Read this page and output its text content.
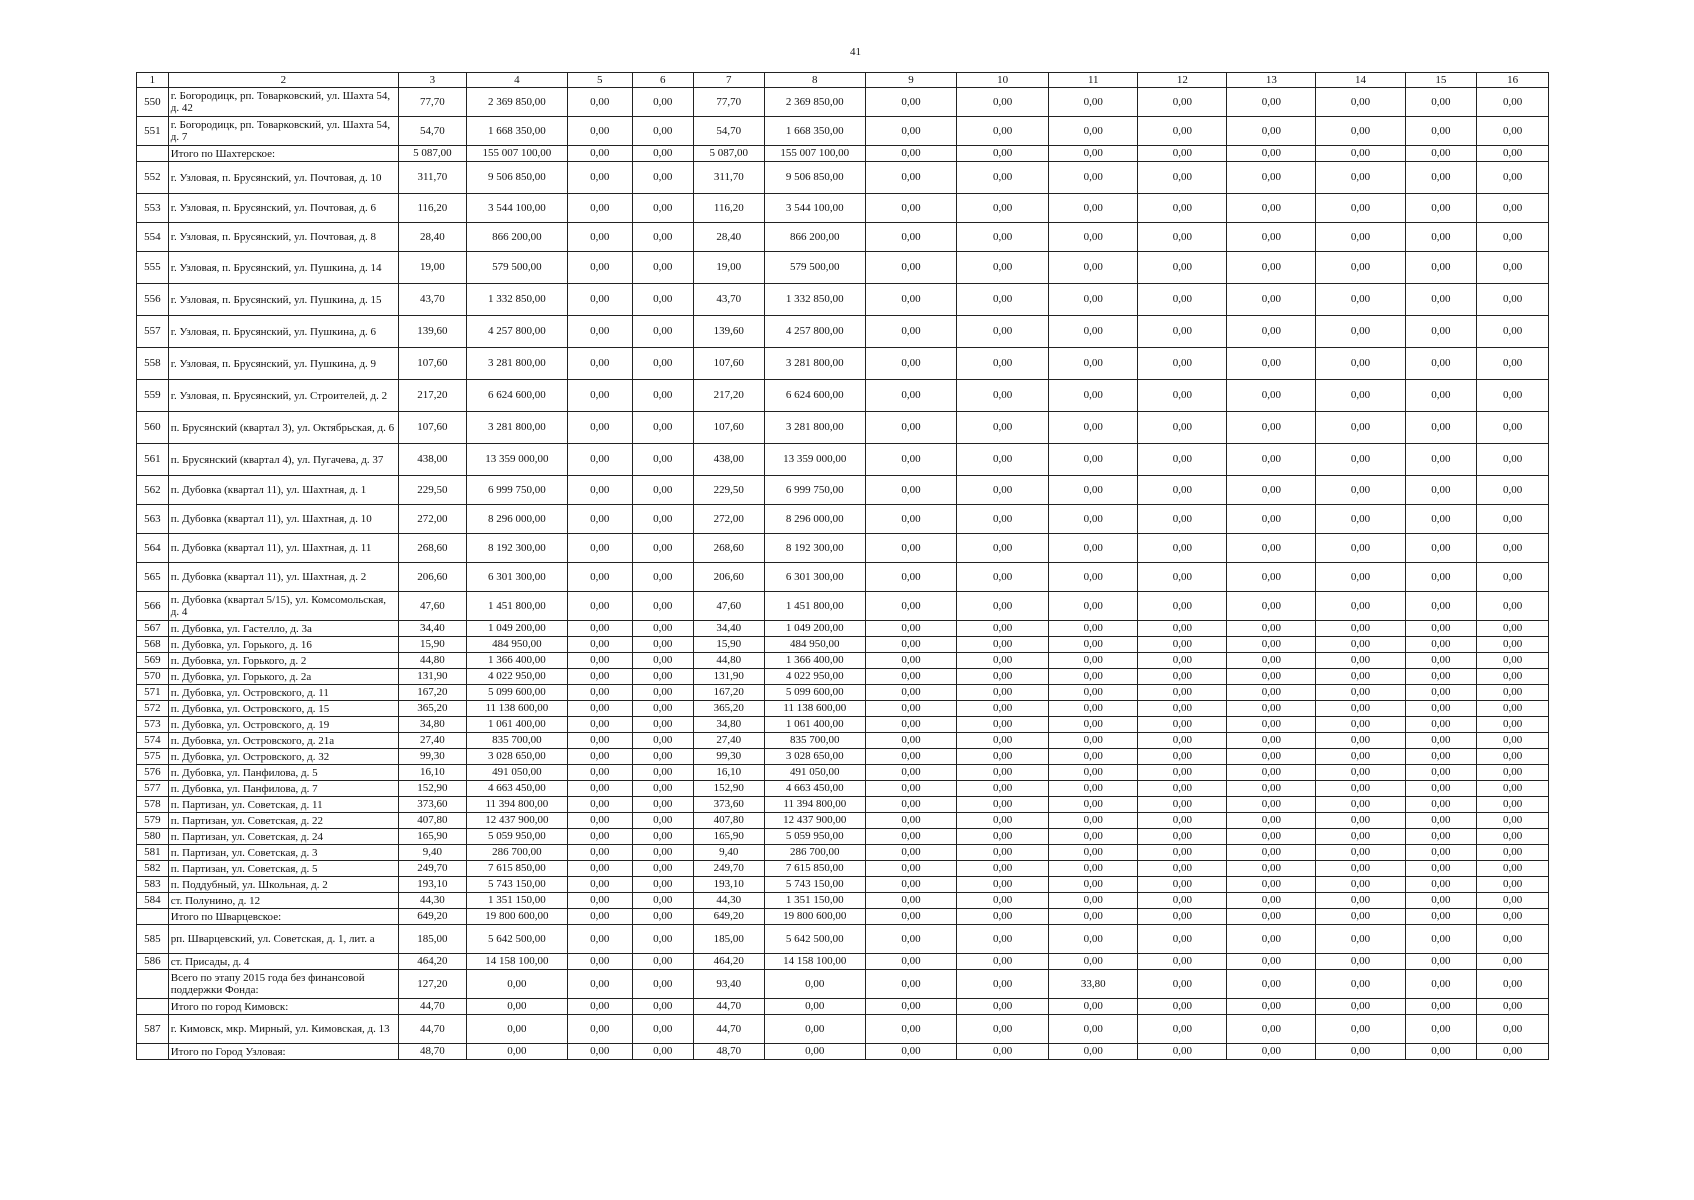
41
1	2	3	4	5	6	7	8	9	10	11	12	13	14	15	16
550	г. Богородицк, рп. Товарковский, ул. Шахта 54, д. 42	77,70	2 369 850,00	0,00	0,00	77,70	2 369 850,00	0,00	0,00	0,00	0,00	0,00	0,00	0,00	0,00
551	г. Богородицк, рп. Товарковский, ул. Шахта 54, д. 7	54,70	1 668 350,00	0,00	0,00	54,70	1 668 350,00	0,00	0,00	0,00	0,00	0,00	0,00	0,00	0,00
	Итого по Шахтерское:	5 087,00	155 007 100,00	0,00	0,00	5 087,00	155 007 100,00	0,00	0,00	0,00	0,00	0,00	0,00	0,00	0,00
552	г. Узловая, п. Брусянский, ул. Почтовая, д. 10	311,70	9 506 850,00	0,00	0,00	311,70	9 506 850,00	0,00	0,00	0,00	0,00	0,00	0,00	0,00	0,00
553	г. Узловая, п. Брусянский, ул. Почтовая, д. 6	116,20	3 544 100,00	0,00	0,00	116,20	3 544 100,00	0,00	0,00	0,00	0,00	0,00	0,00	0,00	0,00
554	г. Узловая, п. Брусянский, ул. Почтовая, д. 8	28,40	866 200,00	0,00	0,00	28,40	866 200,00	0,00	0,00	0,00	0,00	0,00	0,00	0,00	0,00
555	г. Узловая, п. Брусянский, ул. Пушкина, д. 14	19,00	579 500,00	0,00	0,00	19,00	579 500,00	0,00	0,00	0,00	0,00	0,00	0,00	0,00	0,00
556	г. Узловая, п. Брусянский, ул. Пушкина, д. 15	43,70	1 332 850,00	0,00	0,00	43,70	1 332 850,00	0,00	0,00	0,00	0,00	0,00	0,00	0,00	0,00
557	г. Узловая, п. Брусянский, ул. Пушкина, д. 6	139,60	4 257 800,00	0,00	0,00	139,60	4 257 800,00	0,00	0,00	0,00	0,00	0,00	0,00	0,00	0,00
558	г. Узловая, п. Брусянский, ул. Пушкина, д. 9	107,60	3 281 800,00	0,00	0,00	107,60	3 281 800,00	0,00	0,00	0,00	0,00	0,00	0,00	0,00	0,00
559	г. Узловая, п. Брусянский, ул. Строителей, д. 2	217,20	6 624 600,00	0,00	0,00	217,20	6 624 600,00	0,00	0,00	0,00	0,00	0,00	0,00	0,00	0,00
560	п. Брусянский (квартал 3), ул. Октябрьская, д. 6	107,60	3 281 800,00	0,00	0,00	107,60	3 281 800,00	0,00	0,00	0,00	0,00	0,00	0,00	0,00	0,00
561	п. Брусянский (квартал 4), ул. Пугачева, д. 37	438,00	13 359 000,00	0,00	0,00	438,00	13 359 000,00	0,00	0,00	0,00	0,00	0,00	0,00	0,00	0,00
562	п. Дубовка (квартал 11), ул. Шахтная, д. 1	229,50	6 999 750,00	0,00	0,00	229,50	6 999 750,00	0,00	0,00	0,00	0,00	0,00	0,00	0,00	0,00
563	п. Дубовка (квартал 11), ул. Шахтная, д. 10	272,00	8 296 000,00	0,00	0,00	272,00	8 296 000,00	0,00	0,00	0,00	0,00	0,00	0,00	0,00	0,00
564	п. Дубовка (квартал 11), ул. Шахтная, д. 11	268,60	8 192 300,00	0,00	0,00	268,60	8 192 300,00	0,00	0,00	0,00	0,00	0,00	0,00	0,00	0,00
565	п. Дубовка (квартал 11), ул. Шахтная, д. 2	206,60	6 301 300,00	0,00	0,00	206,60	6 301 300,00	0,00	0,00	0,00	0,00	0,00	0,00	0,00	0,00
566	п. Дубовка (квартал 5/15), ул. Комсомольская, д. 4	47,60	1 451 800,00	0,00	0,00	47,60	1 451 800,00	0,00	0,00	0,00	0,00	0,00	0,00	0,00	0,00
567	п. Дубовка, ул. Гастелло, д. 3а	34,40	1 049 200,00	0,00	0,00	34,40	1 049 200,00	0,00	0,00	0,00	0,00	0,00	0,00	0,00	0,00
568	п. Дубовка, ул. Горького, д. 16	15,90	484 950,00	0,00	0,00	15,90	484 950,00	0,00	0,00	0,00	0,00	0,00	0,00	0,00	0,00
569	п. Дубовка, ул. Горького, д. 2	44,80	1 366 400,00	0,00	0,00	44,80	1 366 400,00	0,00	0,00	0,00	0,00	0,00	0,00	0,00	0,00
570	п. Дубовка, ул. Горького, д. 2а	131,90	4 022 950,00	0,00	0,00	131,90	4 022 950,00	0,00	0,00	0,00	0,00	0,00	0,00	0,00	0,00
571	п. Дубовка, ул. Островского, д. 11	167,20	5 099 600,00	0,00	0,00	167,20	5 099 600,00	0,00	0,00	0,00	0,00	0,00	0,00	0,00	0,00
572	п. Дубовка, ул. Островского, д. 15	365,20	11 138 600,00	0,00	0,00	365,20	11 138 600,00	0,00	0,00	0,00	0,00	0,00	0,00	0,00	0,00
573	п. Дубовка, ул. Островского, д. 19	34,80	1 061 400,00	0,00	0,00	34,80	1 061 400,00	0,00	0,00	0,00	0,00	0,00	0,00	0,00	0,00
574	п. Дубовка, ул. Островского, д. 21а	27,40	835 700,00	0,00	0,00	27,40	835 700,00	0,00	0,00	0,00	0,00	0,00	0,00	0,00	0,00
575	п. Дубовка, ул. Островского, д. 32	99,30	3 028 650,00	0,00	0,00	99,30	3 028 650,00	0,00	0,00	0,00	0,00	0,00	0,00	0,00	0,00
576	п. Дубовка, ул. Панфилова, д. 5	16,10	491 050,00	0,00	0,00	16,10	491 050,00	0,00	0,00	0,00	0,00	0,00	0,00	0,00	0,00
577	п. Дубовка, ул. Панфилова, д. 7	152,90	4 663 450,00	0,00	0,00	152,90	4 663 450,00	0,00	0,00	0,00	0,00	0,00	0,00	0,00	0,00
578	п. Партизан, ул. Советская, д. 11	373,60	11 394 800,00	0,00	0,00	373,60	11 394 800,00	0,00	0,00	0,00	0,00	0,00	0,00	0,00	0,00
579	п. Партизан, ул. Советская, д. 22	407,80	12 437 900,00	0,00	0,00	407,80	12 437 900,00	0,00	0,00	0,00	0,00	0,00	0,00	0,00	0,00
580	п. Партизан, ул. Советская, д. 24	165,90	5 059 950,00	0,00	0,00	165,90	5 059 950,00	0,00	0,00	0,00	0,00	0,00	0,00	0,00	0,00
581	п. Партизан, ул. Советская, д. 3	9,40	286 700,00	0,00	0,00	9,40	286 700,00	0,00	0,00	0,00	0,00	0,00	0,00	0,00	0,00
582	п. Партизан, ул. Советская, д. 5	249,70	7 615 850,00	0,00	0,00	249,70	7 615 850,00	0,00	0,00	0,00	0,00	0,00	0,00	0,00	0,00
583	п. Поддубный, ул. Школьная, д. 2	193,10	5 743 150,00	0,00	0,00	193,10	5 743 150,00	0,00	0,00	0,00	0,00	0,00	0,00	0,00	0,00
584	ст. Полунино, д. 12	44,30	1 351 150,00	0,00	0,00	44,30	1 351 150,00	0,00	0,00	0,00	0,00	0,00	0,00	0,00	0,00
	Итого по Шварцевское:	649,20	19 800 600,00	0,00	0,00	649,20	19 800 600,00	0,00	0,00	0,00	0,00	0,00	0,00	0,00	0,00
585	рп. Шварцевский, ул. Советская, д. 1, лит. а	185,00	5 642 500,00	0,00	0,00	185,00	5 642 500,00	0,00	0,00	0,00	0,00	0,00	0,00	0,00	0,00
586	ст. Присады, д. 4	464,20	14 158 100,00	0,00	0,00	464,20	14 158 100,00	0,00	0,00	0,00	0,00	0,00	0,00	0,00	0,00
	Всего по этапу 2015 года без финансовой поддержки Фонда:	127,20	0,00	0,00	0,00	93,40	0,00	0,00	0,00	33,80	0,00	0,00	0,00	0,00	0,00
	Итого по город Кимовск:	44,70	0,00	0,00	0,00	44,70	0,00	0,00	0,00	0,00	0,00	0,00	0,00	0,00	0,00
587	г. Кимовск, мкр. Мирный, ул. Кимовская, д. 13	44,70	0,00	0,00	0,00	44,70	0,00	0,00	0,00	0,00	0,00	0,00	0,00	0,00	0,00
	Итого по Город Узловая:	48,70	0,00	0,00	0,00	48,70	0,00	0,00	0,00	0,00	0,00	0,00	0,00	0,00	0,00
